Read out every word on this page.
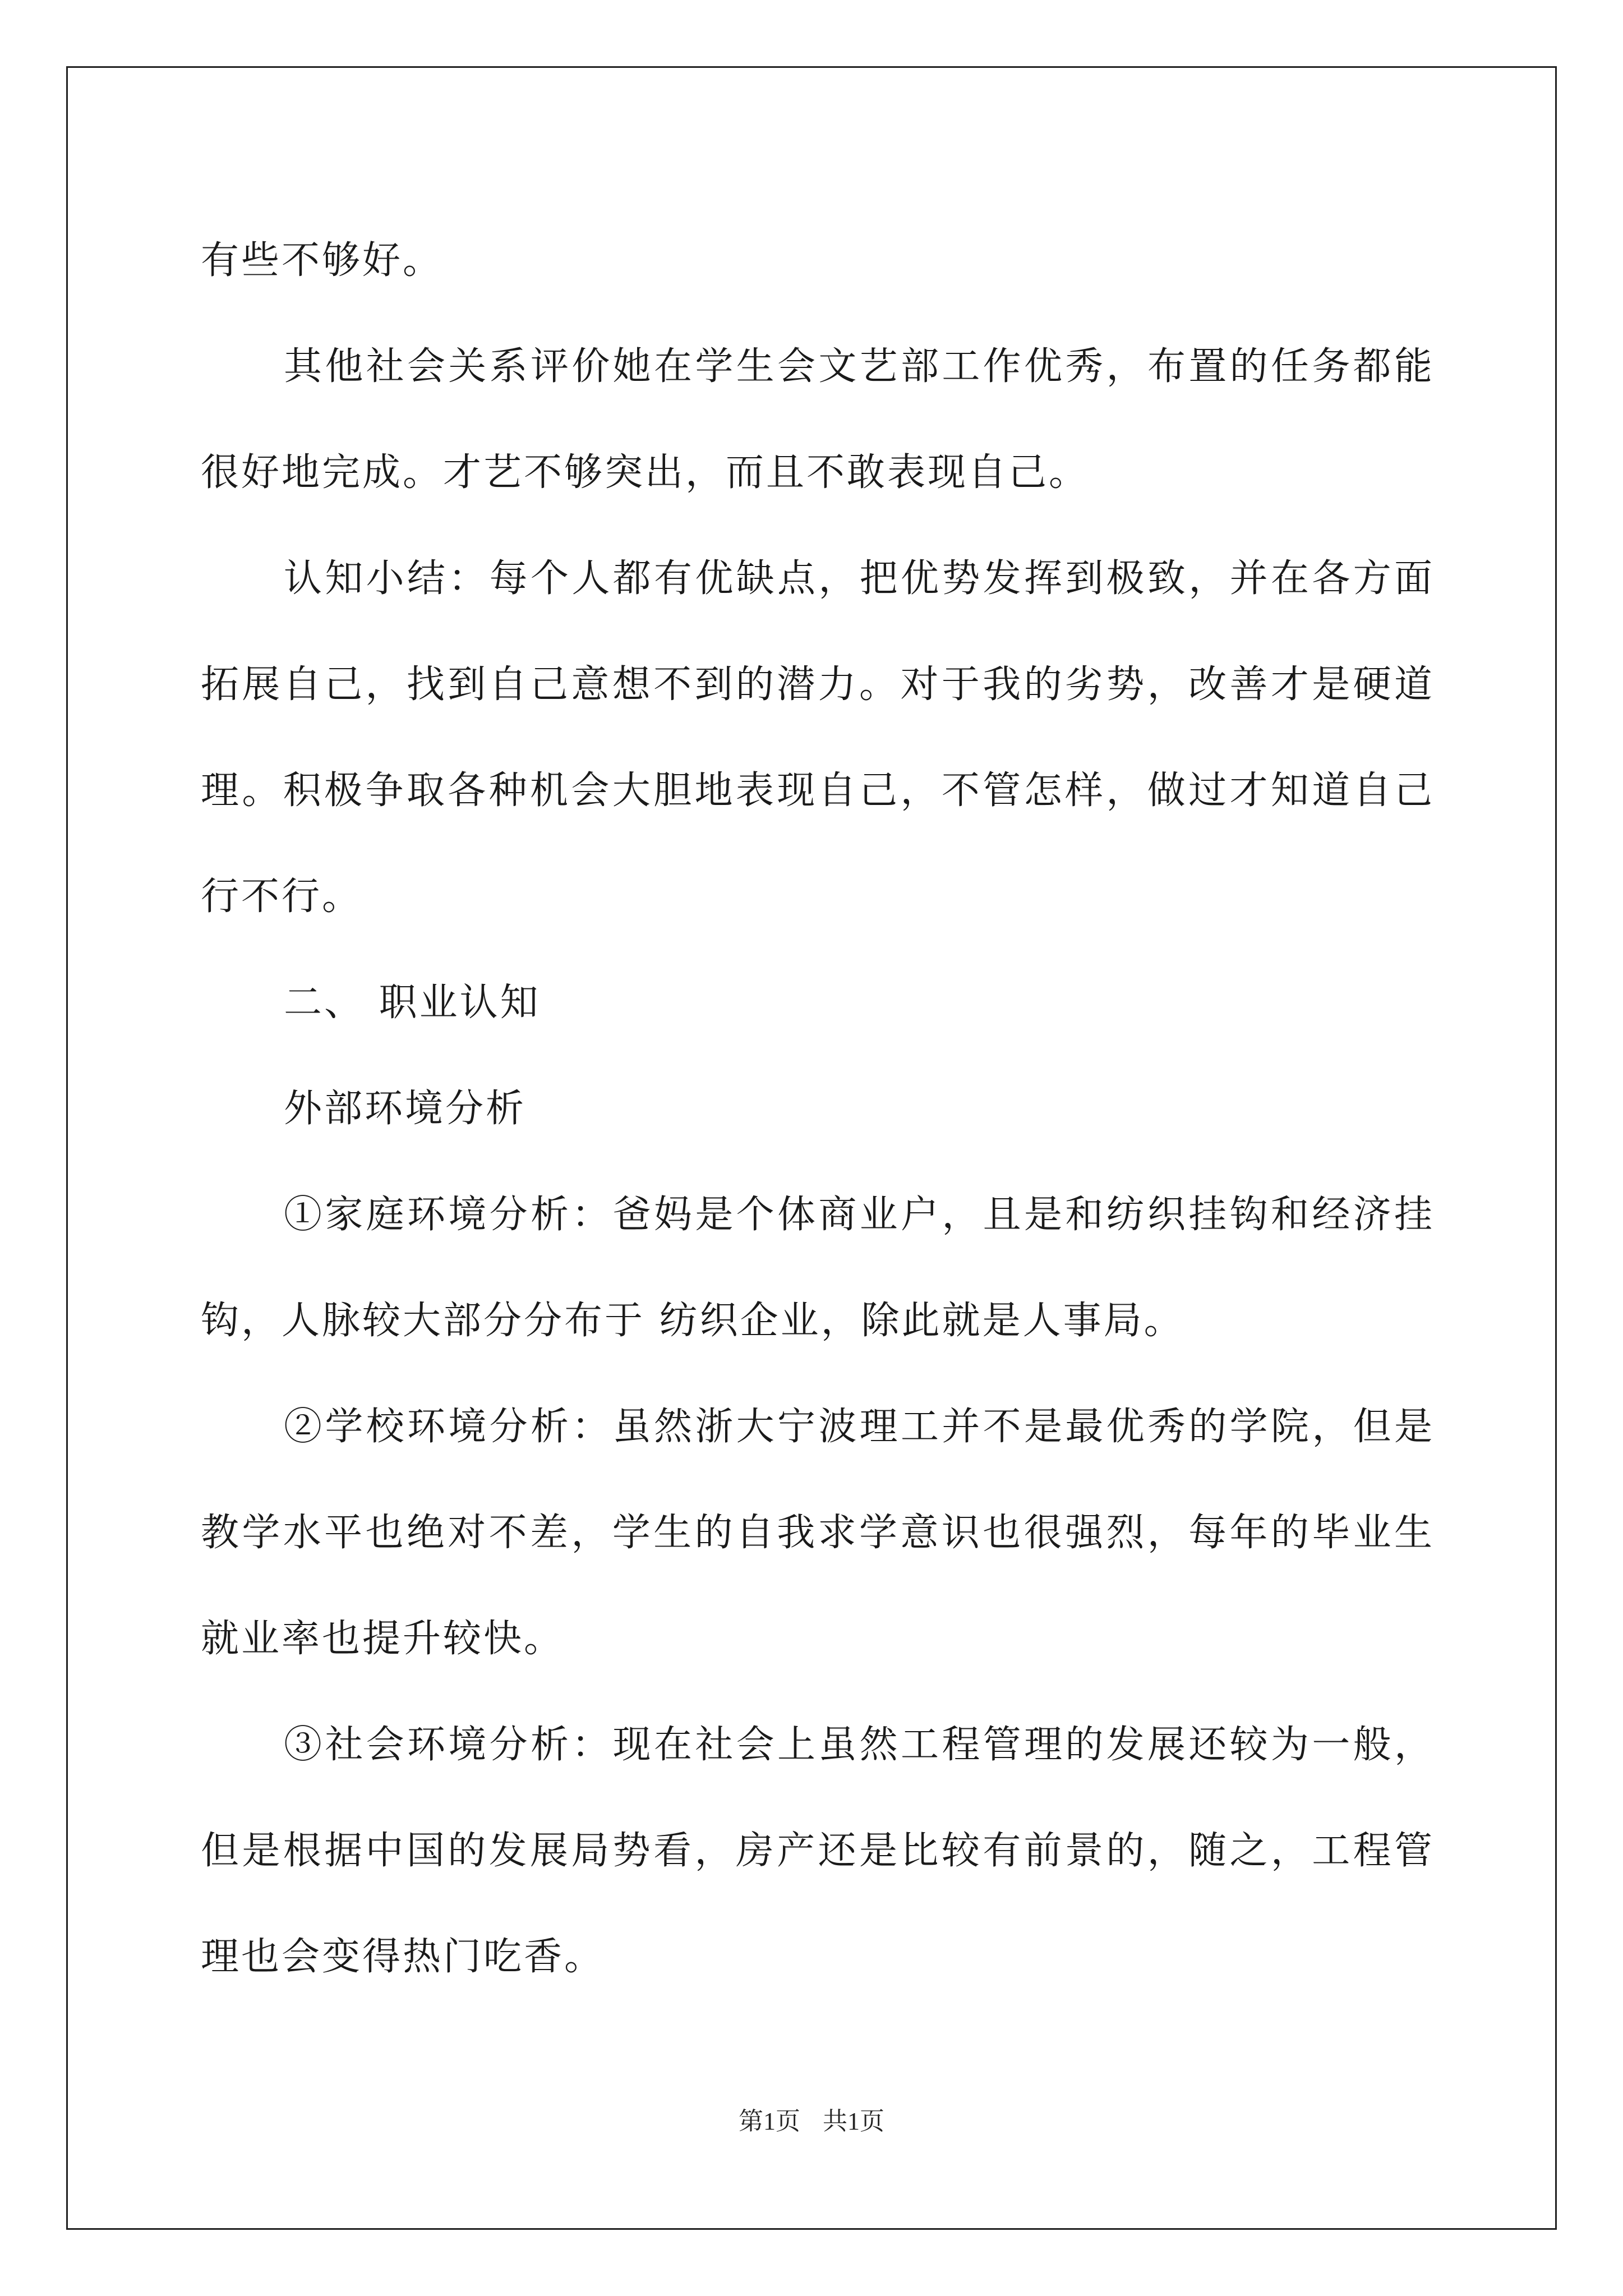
有些不够好。

其他社会关系评价她在学生会文艺部工作优秀，布置的任务都能很好地完成。才艺不够突出，而且不敢表现自己。

认知小结：每个人都有优缺点，把优势发挥到极致，并在各方面拓展自己，找到自己意想不到的潜力。对于我的劣势，改善才是硬道理。积极争取各种机会大胆地表现自己，不管怎样，做过才知道自己行不行。

二、 职业认知

外部环境分析

①家庭环境分析：爸妈是个体商业户，且是和纺织挂钩和经济挂钩，人脉较大部分分布于 纺织企业，除此就是人事局。

②学校环境分析：虽然浙大宁波理工并不是最优秀的学院，但是教学水平也绝对不差，学生的自我求学意识也很强烈，每年的毕业生就业率也提升较快。

③社会环境分析：现在社会上虽然工程管理的发展还较为一般，但是根据中国的发展局势看，房产还是比较有前景的，随之，工程管理也会变得热门吃香。

第1页 共1页
